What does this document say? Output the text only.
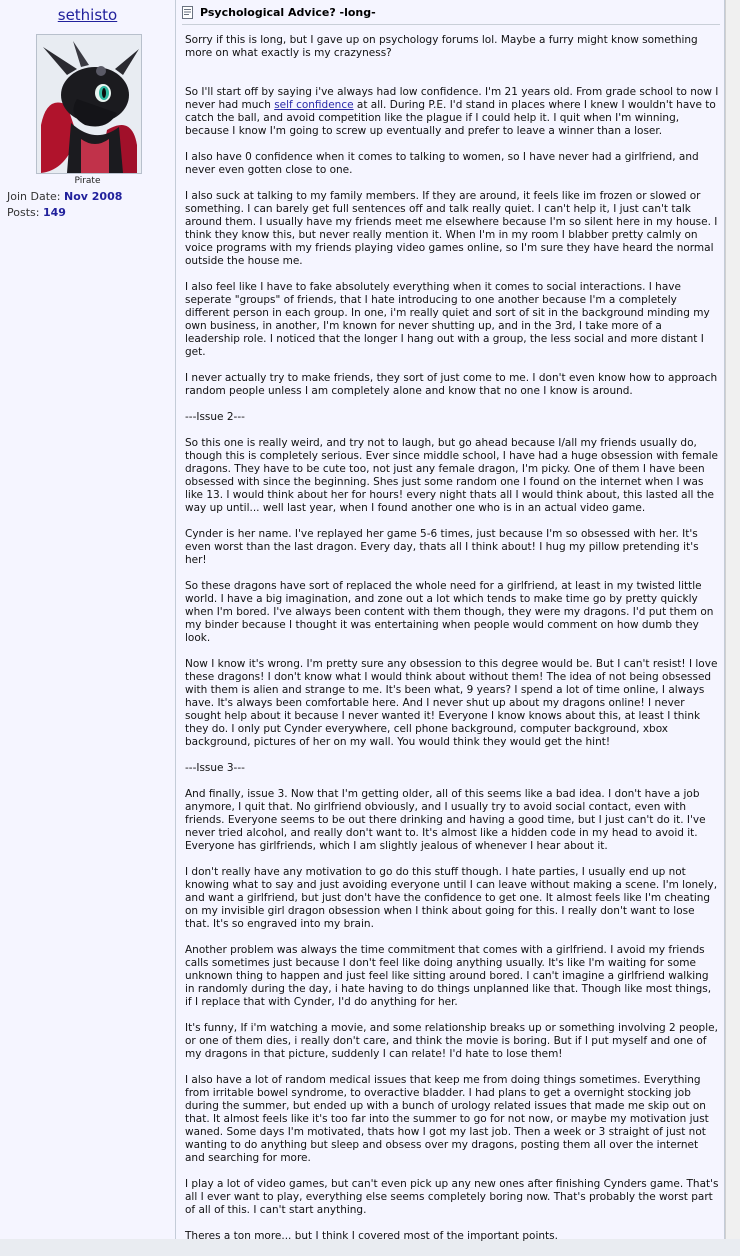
sethisto
Pirate
Join Date: Nov 2008
Posts: 149
Psychological Advice? -long-

Sorry if this is long, but I gave up on psychology forums lol. Maybe a furry might know something more on what exactly is my crazyness?

So I'll start off by saying i've always had low confidence. I'm 21 years old. From grade school to now I never had much self confidence at all. During P.E. I'd stand in places where I knew I wouldn't have to catch the ball, and avoid competition like the plague if I could help it. I quit when I'm winning, because I know I'm going to screw up eventually and prefer to leave a winner than a loser.

I also have 0 confidence when it comes to talking to women, so I have never had a girlfriend, and never even gotten close to one.

I also suck at talking to my family members. If they are around, it feels like im frozen or slowed or something. I can barely get full sentences off and talk really quiet. I can't help it, I just can't talk around them. I usually have my friends meet me elsewhere because I'm so silent here in my house. I think they know this, but never really mention it. When I'm in my room I blabber pretty calmly on voice programs with my friends playing video games online, so I'm sure they have heard the normal outside the house me.

I also feel like I have to fake absolutely everything when it comes to social interactions. I have seperate "groups" of friends, that I hate introducing to one another because I'm a completely different person in each group. In one, i'm really quiet and sort of sit in the background minding my own business, in another, I'm known for never shutting up, and in the 3rd, I take more of a leadership role. I noticed that the longer I hang out with a group, the less social and more distant I get.

I never actually try to make friends, they sort of just come to me. I don't even know how to approach random people unless I am completely alone and know that no one I know is around.

---Issue 2---

So this one is really weird, and try not to laugh, but go ahead because I/all my friends usually do, though this is completely serious. Ever since middle school, I have had a huge obsession with female dragons. They have to be cute too, not just any female dragon, I'm picky. One of them I have been obsessed with since the beginning. Shes just some random one I found on the internet when I was like 13. I would think about her for hours! every night thats all I would think about, this lasted all the way up until... well last year, when I found another one who is in an actual video game.

Cynder is her name. I've replayed her game 5-6 times, just because I'm so obsessed with her. It's even worst than the last dragon. Every day, thats all I think about! I hug my pillow pretending it's her!

So these dragons have sort of replaced the whole need for a girlfriend, at least in my twisted little world. I have a big imagination, and zone out a lot which tends to make time go by pretty quickly when I'm bored. I've always been content with them though, they were my dragons. I'd put them on my binder because I thought it was entertaining when people would comment on how dumb they look.

Now I know it's wrong. I'm pretty sure any obsession to this degree would be. But I can't resist! I love these dragons! I don't know what I would think about without them! The idea of not being obsessed with them is alien and strange to me. It's been what, 9 years? I spend a lot of time online, I always have. It's always been comfortable here. And I never shut up about my dragons online! I never sought help about it because I never wanted it! Everyone I know knows about this, at least I think they do. I only put Cynder everywhere, cell phone background, computer background, xbox background, pictures of her on my wall. You would think they would get the hint!

---Issue 3---

And finally, issue 3. Now that I'm getting older, all of this seems like a bad idea. I don't have a job anymore, I quit that. No girlfriend obviously, and I usually try to avoid social contact, even with friends. Everyone seems to be out there drinking and having a good time, but I just can't do it. I've never tried alcohol, and really don't want to. It's almost like a hidden code in my head to avoid it. Everyone has girlfriends, which I am slightly jealous of whenever I hear about it.

I don't really have any motivation to go do this stuff though. I hate parties, I usually end up not knowing what to say and just avoiding everyone until I can leave without making a scene. I'm lonely, and want a girlfriend, but just don't have the confidence to get one. It almost feels like I'm cheating on my invisible girl dragon obsession when I think about going for this. I really don't want to lose that. It's so engraved into my brain.

Another problem was always the time commitment that comes with a girlfriend. I avoid my friends calls sometimes just because I don't feel like doing anything usually. It's like I'm waiting for some unknown thing to happen and just feel like sitting around bored. I can't imagine a girlfriend walking in randomly during the day, i hate having to do things unplanned like that. Though like most things, if I replace that with Cynder, I'd do anything for her.

It's funny, If i'm watching a movie, and some relationship breaks up or something involving 2 people, or one of them dies, i really don't care, and think the movie is boring. But if I put myself and one of my dragons in that picture, suddenly I can relate! I'd hate to lose them!

I also have a lot of random medical issues that keep me from doing things sometimes. Everything from irritable bowel syndrome, to overactive bladder. I had plans to get a overnight stocking job during the summer, but ended up with a bunch of urology related issues that made me skip out on that. It almost feels like it's too far into the summer to go for not now, or maybe my motivation just waned. Some days I'm motivated, thats how I got my last job. Then a week or 3 straight of just not wanting to do anything but sleep and obsess over my dragons, posting them all over the internet and searching for more.

I play a lot of video games, but can't even pick up any new ones after finishing Cynders game. That's all I ever want to play, everything else seems completely boring now. That's probably the worst part of all of this. I can't start anything.

Theres a ton more... but I think I covered most of the important points.
